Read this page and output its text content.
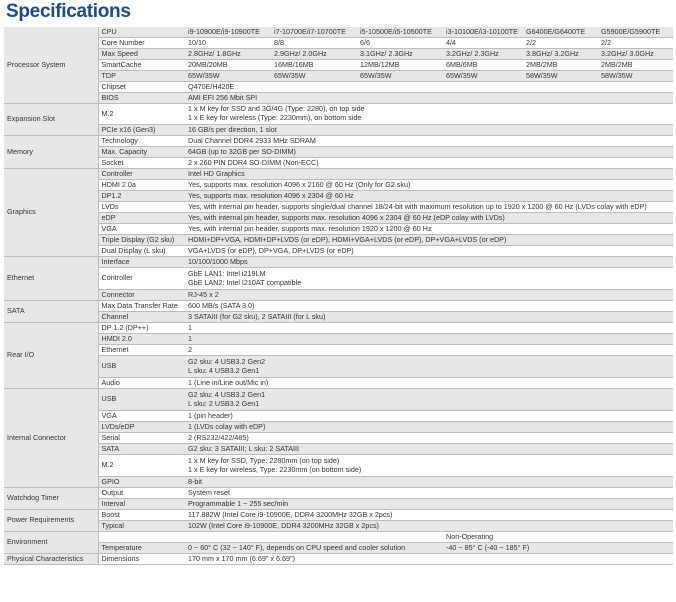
Specifications
Processor System	CPU	i9-10900E/i9-10900TE	i7-10700E/i7-10700TE	i5-10500E/i5-10500TE	i3-10100E/i3-10100TE	G6400E/G6400TE	G5900E/G5900TE
	Core Number	10/10	8/8	6/6	4/4	2/2	2/2
	Max Speed	2.8GHz/ 1.8GHz	2.9GHz/ 2.0GHz	3.1GHz/ 2.3GHz	3.2GHz/ 2.3GHz	3.8GHz/ 3.2GHz	3.2GHz/ 3.0GHz
	SmartCache	20MB/20MB	16MB/16MB	12MB/12MB	6MB/6MB	2MB/2MB	2MB/2MB
	TDP	65W/35W	65W/35W	65W/35W	65W/35W	58W/35W	58W/35W
	Chipset	Q470E/H420E					
	BIOS	AMI EFI 256 Mbit SPI					
Expansion Slot	M.2	1 x M key for SSD and 3G/4G (Type: 2280), on top side
1 x E key for wireless (Type: 2230mm), on bottom side					

	PCIe x16 (Gen3)	16 GB/s per direction, 1 slot					
Memory	Technology	Dual Channel DDR4 2933 MHz SDRAM					
	Max. Capacity	64GB (up to 32GB per SO-DIMM)					
	Socket	2 x 260 PIN DDR4 SO-DIMM (Non-ECC)					
Graphics	Controller	Intel HD Graphics					
	HDMI 2.0a	Yes, supports max. resolution 4096 x 2160 @ 60 Hz (Only for G2 sku)					
	DP1.2	Yes, supports max. resolution 4096 x 2304 @ 60 Hz					
	LVDs	Yes, with internal pin header, supports single/dual channel 18/24-bit with maximum resolution up to 1920 x 1200 @ 60 Hz (LVDs colay with eDP)					
	eDP	Yes, with internal pin header, supports max. resolution 4096 x 2304 @ 60 Hz (eDP colay with LVDs)					
	VGA	Yes, with internal pin header, supports max. resolution 1920 x 1200 @ 60 Hz					
	Triple Display (G2 sku)	HDMI+DP+VGA, HDMI+DP+LVDS (or eDP), HDMI+VGA+LVDS (or eDP), DP+VGA+LVDS (or eDP)					
	Dual Display (L sku)	VGA+LVDS (or eDP), DP+VGA, DP+LVDS (or eDP)					
Ethernet	Interface	10/100/1000 Mbps					
	Controller	GbE LAN1: Intel i219LM
GbE LAN2: Intel I210AT compatible					

	Connector	RJ-45 x 2					
SATA	Max Data Transfer Rate	600 MB/s (SATA 3.0)					
	Channel	3 SATAIII (for G2 sku), 2 SATAIII (for L sku)					
Rear I/O	DP 1.2 (DP++)	1					
	HMDI 2.0	1					
	Ethernet	2					
	USB	G2 sku: 4 USB3.2 Gen2
L sku: 4 USB3.2 Gen1					

	Audio	1 (Line in/Line out/Mic in)					
Internal Connector	USB	G2 sku: 4 USB3.2 Gen1
L sku: 2 USB3.2 Gen1					

	VGA	1 (pin header)					
	LVDs/eDP	1 (LVDs colay with eDP)					
	Serial	2 (RS232/422/485)					
	SATA	G2 sku: 3 SATAIII; L sku: 2 SATAIII					
	M.2	1 x M key for SSD, Type: 2280mm (on top side)
1 x E key for wireless, Type: 2230mm (on bottom side)					

	GPIO	8-bit					
Watchdog Timer	Output	System reset					
	Interval	Programmable 1 ~ 255 sec/min					
Power Requirements	Boost	117.882W (Intel Core i9-10900E, DDR4 3200MHz 32GB x 2pcs)					
	Typical	102W (Intel Core i9-10900E, DDR4 3200MHz 32GB x 2pcs)					
Environment					Non-Operating		
	Temperature	0 ~ 60° C (32 ~ 140° F), depends on CPU speed and cooler solution			-40 ~ 85° C (-40 ~ 185° F)		
Physical Characteristics	Dimensions	170 mm x 170 mm (6.69" x 6.69")					
